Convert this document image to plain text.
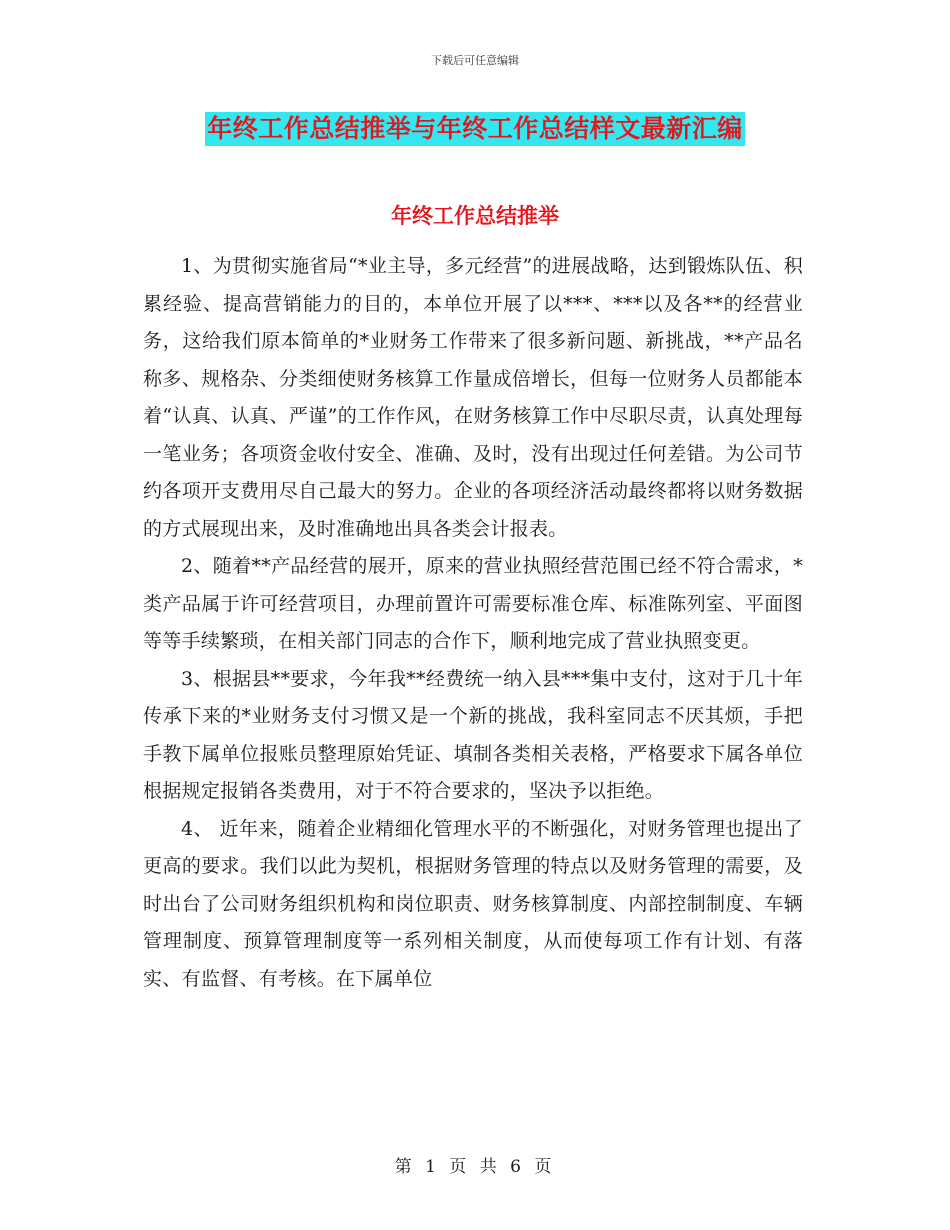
下载后可任意编辑
年终工作总结推举与年终工作总结样文最新汇编
年终工作总结推举

1、为贯彻实施省局“*业主导，多元经营”的进展战略，达到锻炼队伍、积累经验、提高营销能力的目的，本单位开展了以***、***以及各**的经营业务，这给我们原本简单的*业财务工作带来了很多新问题、新挑战，**产品名称多、规格杂、分类细使财务核算工作量成倍增长，但每一位财务人员都能本着“认真、认真、严谨”的工作作风，在财务核算工作中尽职尽责，认真处理每一笔业务；各项资金收付安全、准确、及时，没有出现过任何差错。为公司节约各项开支费用尽自己最大的努力。企业的各项经济活动最终都将以财务数据的方式展现出来，及时准确地出具各类会计报表。

2、随着**产品经营的展开，原来的营业执照经营范围已经不符合需求，*类产品属于许可经营项目，办理前置许可需要标准仓库、标准陈列室、平面图等等手续繁琐，在相关部门同志的合作下，顺利地完成了营业执照变更。

3、根据县**要求，今年我**经费统一纳入县***集中支付，这对于几十年传承下来的*业财务支付习惯又是一个新的挑战，我科室同志不厌其烦，手把手教下属单位报账员整理原始凭证、填制各类相关表格，严格要求下属各单位根据规定报销各类费用，对于不符合要求的，坚决予以拒绝。

4、 近年来，随着企业精细化管理水平的不断强化，对财务管理也提出了更高的要求。我们以此为契机，根据财务管理的特点以及财务管理的需要，及时出台了公司财务组织机构和岗位职责、财务核算制度、内部控制制度、车辆管理制度、预算管理制度等一系列相关制度，从而使每项工作有计划、有落实、有监督、有考核。在下属单位

第 1 页 共 6 页
